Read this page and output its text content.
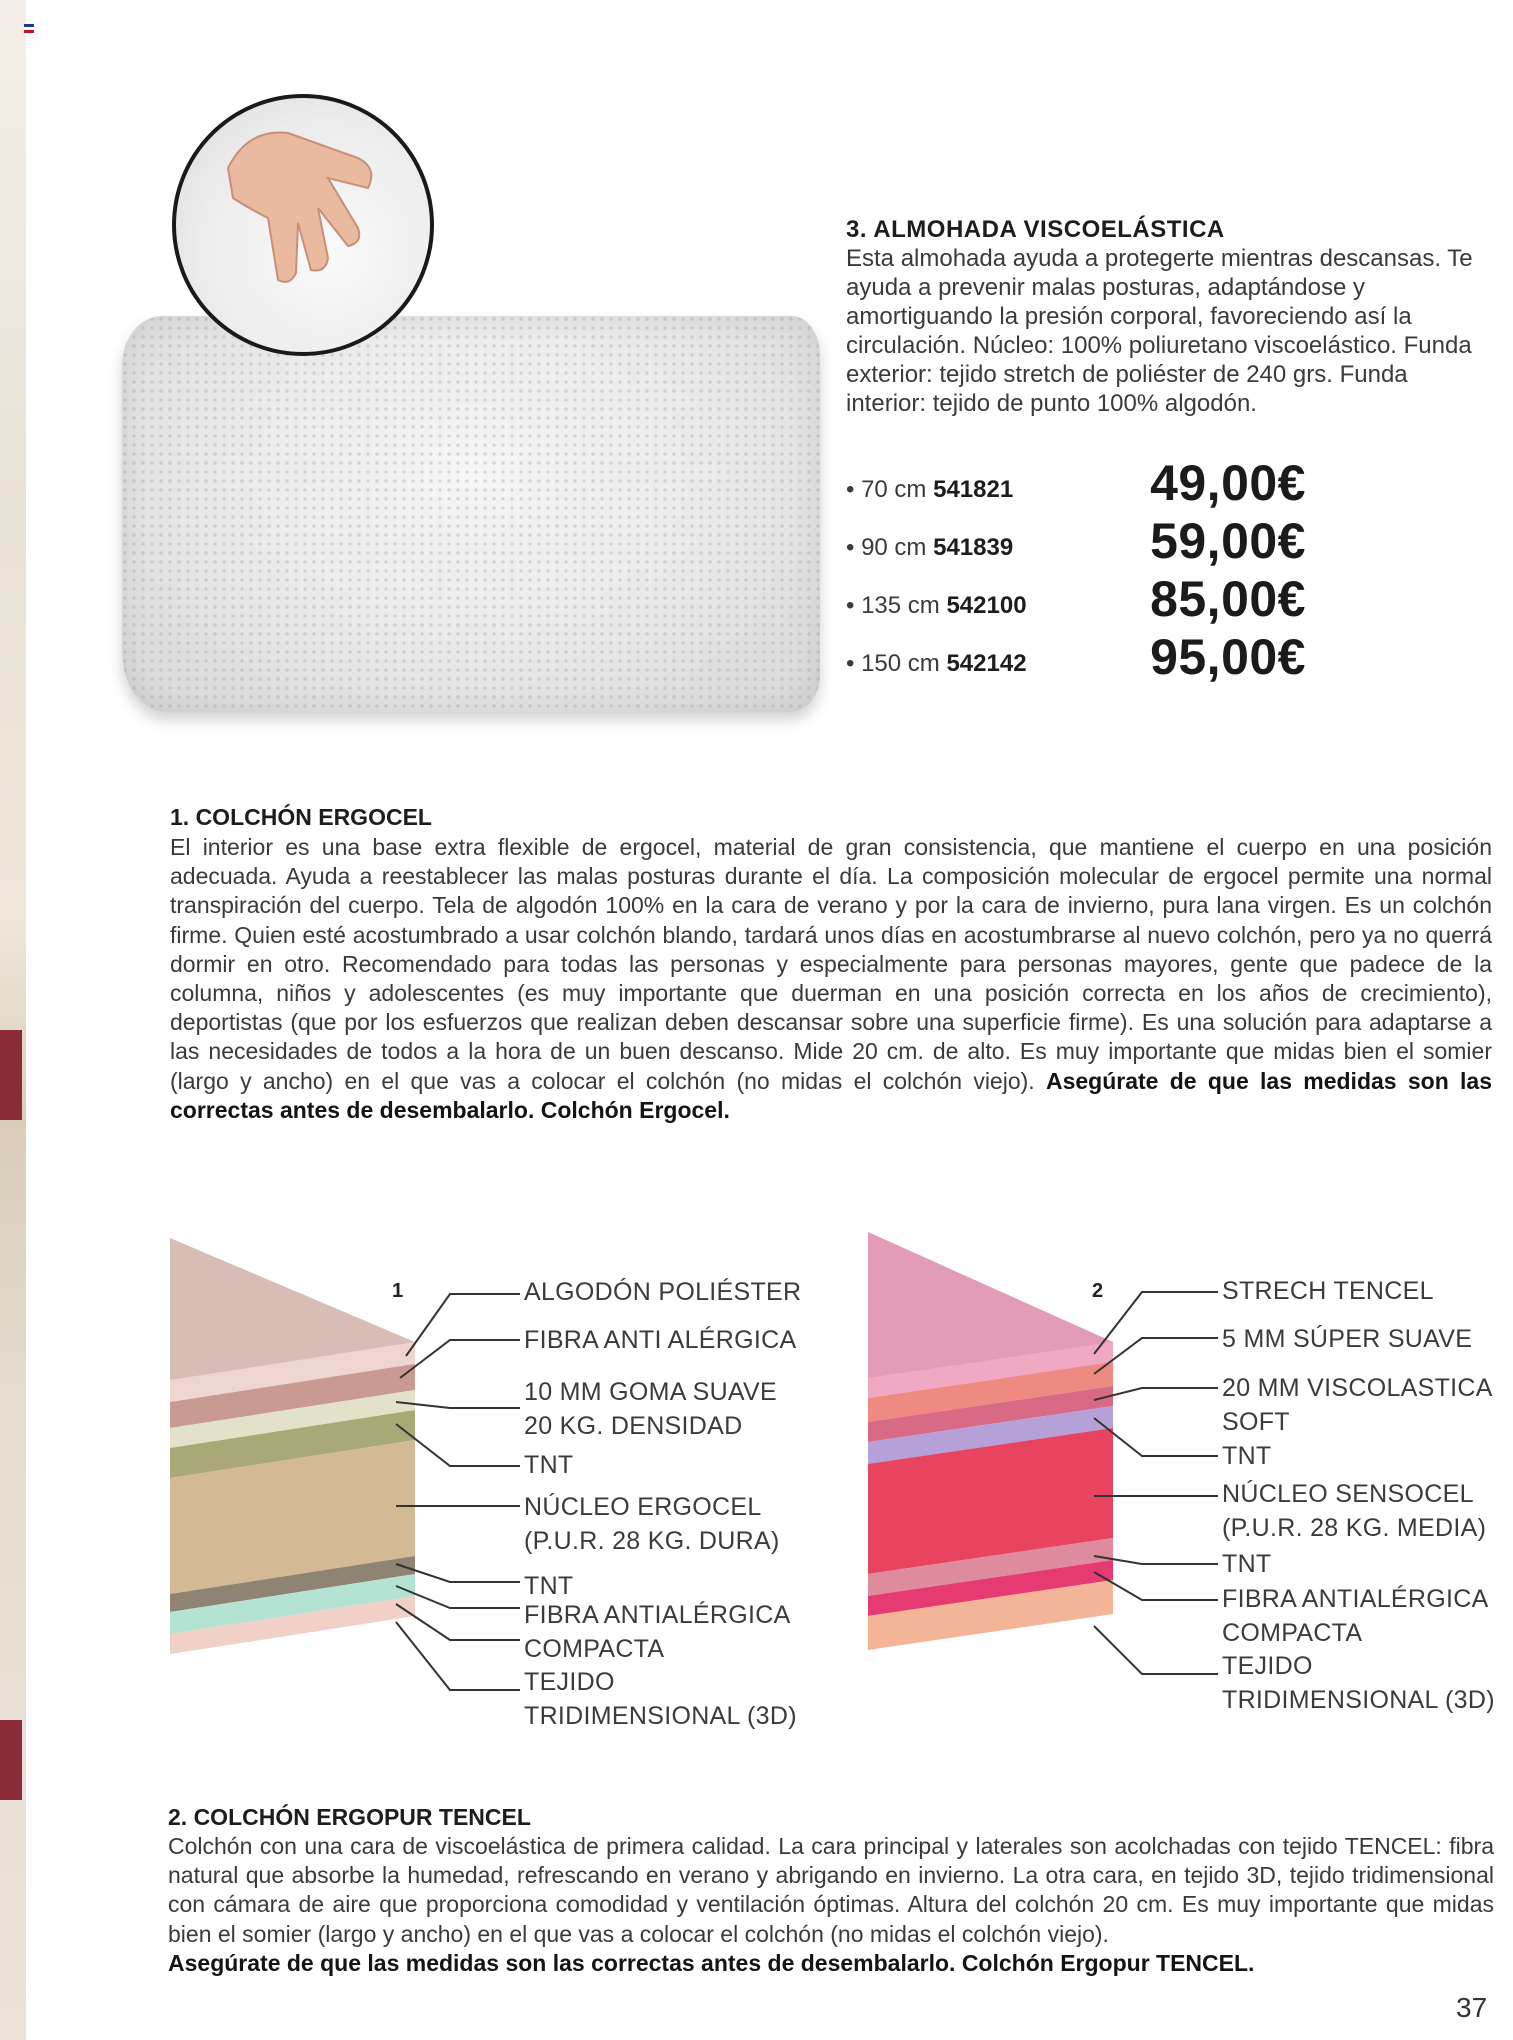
3. ALMOHADA VISCOELÁSTICA
Esta almohada ayuda a protegerte mientras descansas. Te ayuda a prevenir malas posturas, adaptándose y amortiguando la presión corporal, favoreciendo así la circulación. Núcleo: 100% poliuretano viscoelástico. Funda exterior: tejido stretch de poliéster de 240 grs. Funda interior: tejido de punto 100% algodón.
• 70 cm 541821	49,00€
• 90 cm 541839	59,00€
• 135 cm 542100 85,00€
• 150 cm 542142 95,00€
1. COLCHÓN ERGOCEL
El interior es una base extra flexible de ergocel, material de gran consistencia, que mantiene el cuerpo en una posición adecuada. Ayuda a reestablecer las malas posturas durante el día. La composición molecular de ergocel permite una normal transpiración del cuerpo. Tela de algodón 100% en la cara de verano y por la cara de invierno, pura lana virgen. Es un colchón firme. Quien esté acostumbrado a usar colchón blando, tardará unos días en acostumbrarse al nuevo colchón, pero ya no querrá dormir en otro. Recomendado para todas las personas y especialmente para personas mayores, gente que padece de la columna, niños y adolescentes (es muy importante que duerman en una posición correcta en los años de crecimiento), deportistas (que por los esfuerzos que realizan deben descansar sobre una superficie firme). Es una solución para adaptarse a las necesidades de todos a la hora de un buen descanso. Mide 20 cm. de alto. Es muy importante que midas bien el somier (largo y ancho) en el que vas a colocar el colchón (no midas el colchón viejo). Asegúrate de que las medidas son las correctas antes de desembalarlo. Colchón Ergocel.
1	ALGODÓN POLIÉSTER
FIBRA ANTI ALÉRGICA
10 MM GOMA SUAVE
20 KG. DENSIDAD
TNT
NÚCLEO ERGOCEL
(P.U.R. 28 KG. DURA)
TNT
FIBRA ANTIALÉRGICA
COMPACTA
TEJIDO
TRIDIMENSIONAL (3D)
2	STRECH TENCEL
5 MM SÚPER SUAVE
20 MM VISCOLASTICA
SOFT
TNT
NÚCLEO SENSOCEL
(P.U.R. 28 KG. MEDIA)
TNT
FIBRA ANTIALÉRGICA
COMPACTA
TEJIDO
TRIDIMENSIONAL (3D)
2. COLCHÓN ERGOPUR TENCEL
Colchón con una cara de viscoelástica de primera calidad. La cara principal y laterales son acolchadas con tejido TENCEL: fibra natural que absorbe la humedad, refrescando en verano y abrigando en invierno. La otra cara, en tejido 3D, tejido tridimensional con cámara de aire que proporciona comodidad y ventilación óptimas. Altura del colchón 20 cm. Es muy importante que midas bien el somier (largo y ancho) en el que vas a colocar el colchón (no midas el colchón viejo).
Asegúrate de que las medidas son las correctas antes de desembalarlo. Colchón Ergopur TENCEL.
37
